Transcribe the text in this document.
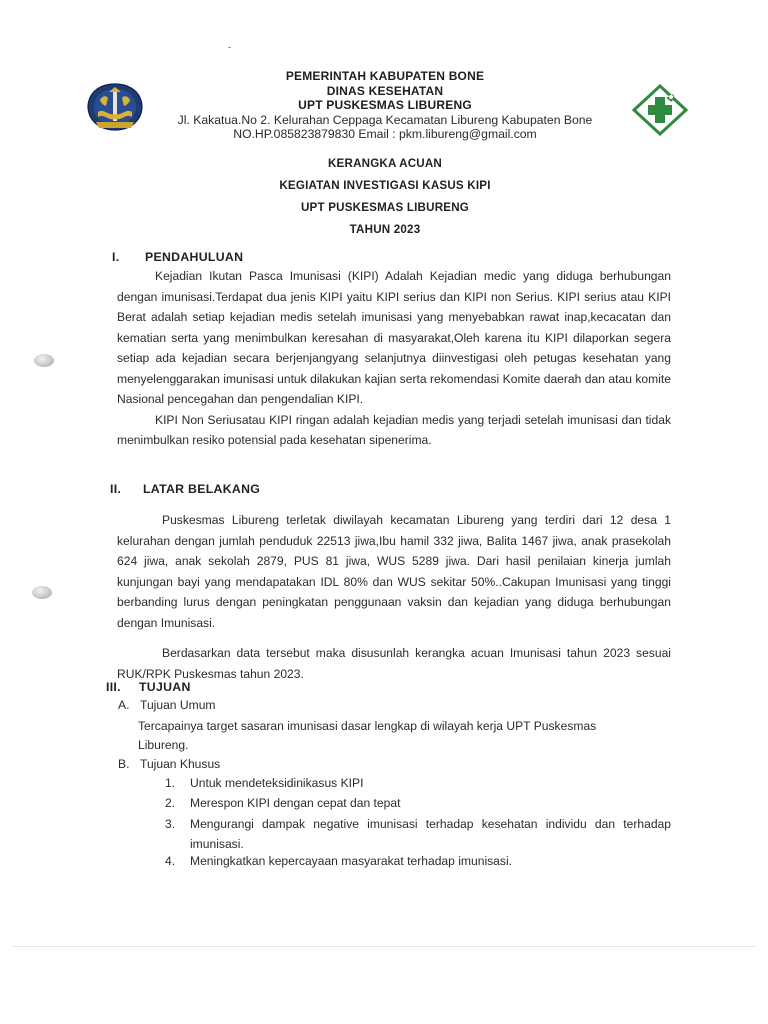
PEMERINTAH KABUPATEN BONE
DINAS KESEHATAN
UPT PUSKESMAS LIBURENG
Jl. Kakatua.No 2. Kelurahan Ceppaga Kecamatan Libureng Kabupaten Bone
NO.HP.085823879830 Email : pkm.libureng@gmail.com
KERANGKA ACUAN
KEGIATAN INVESTIGASI KASUS KIPI
UPT PUSKESMAS LIBURENG
TAHUN 2023
I. PENDAHULUAN

Kejadian Ikutan Pasca Imunisasi (KIPI) Adalah Kejadian medic yang diduga berhubungan dengan imunisasi.Terdapat dua jenis KIPI yaitu KIPI serius dan KIPI non Serius. KIPI serius atau KIPI Berat adalah setiap kejadian medis setelah imunisasi yang menyebabkan rawat inap,kecacatan dan kematian serta yang menimbulkan keresahan di masyarakat,Oleh karena itu KIPI dilaporkan segera setiap ada kejadian secara berjenjangyang selanjutnya diinvestigasi oleh petugas kesehatan yang menyelenggarakan imunisasi untuk dilakukan kajian serta rekomendasi Komite daerah dan atau komite Nasional pencegahan dan pengendalian KIPI.

KIPI Non Seriusatau KIPI ringan adalah kejadian medis yang terjadi setelah imunisasi dan tidak menimbulkan resiko potensial pada kesehatan sipenerima.

II. LATAR BELAKANG

Puskesmas Libureng terletak diwilayah kecamatan Libureng yang terdiri dari 12 desa 1 kelurahan dengan jumlah penduduk 22513 jiwa,Ibu hamil 332 jiwa, Balita 1467 jiwa, anak prasekolah 624 jiwa, anak sekolah 2879, PUS 81 jiwa, WUS 5289 jiwa. Dari hasil penilaian kinerja jumlah kunjungan bayi yang mendapatakan IDL 80% dan WUS sekitar 50%..Cakupan Imunisasi yang tinggi berbanding lurus dengan peningkatan penggunaan vaksin dan kejadian yang diduga berhubungan dengan Imunisasi.

Berdasarkan data tersebut maka disusunlah kerangka acuan Imunisasi tahun 2023 sesuai RUK/RPK Puskesmas tahun 2023.

III. TUJUAN
A. Tujuan Umum
Tercapainya target sasaran imunisasi dasar lengkap di wilayah kerja UPT Puskesmas
Libureng.
B. Tujuan Khusus
1.	Untuk mendeteksidinikasus KIPI
2.	Merespon KIPI dengan cepat dan tepat
3.	Mengurangi dampak negative imunisasi terhadap kesehatan individu dan terhadap imunisasi.
4.	Meningkatkan kepercayaan masyarakat terhadap imunisasi.
